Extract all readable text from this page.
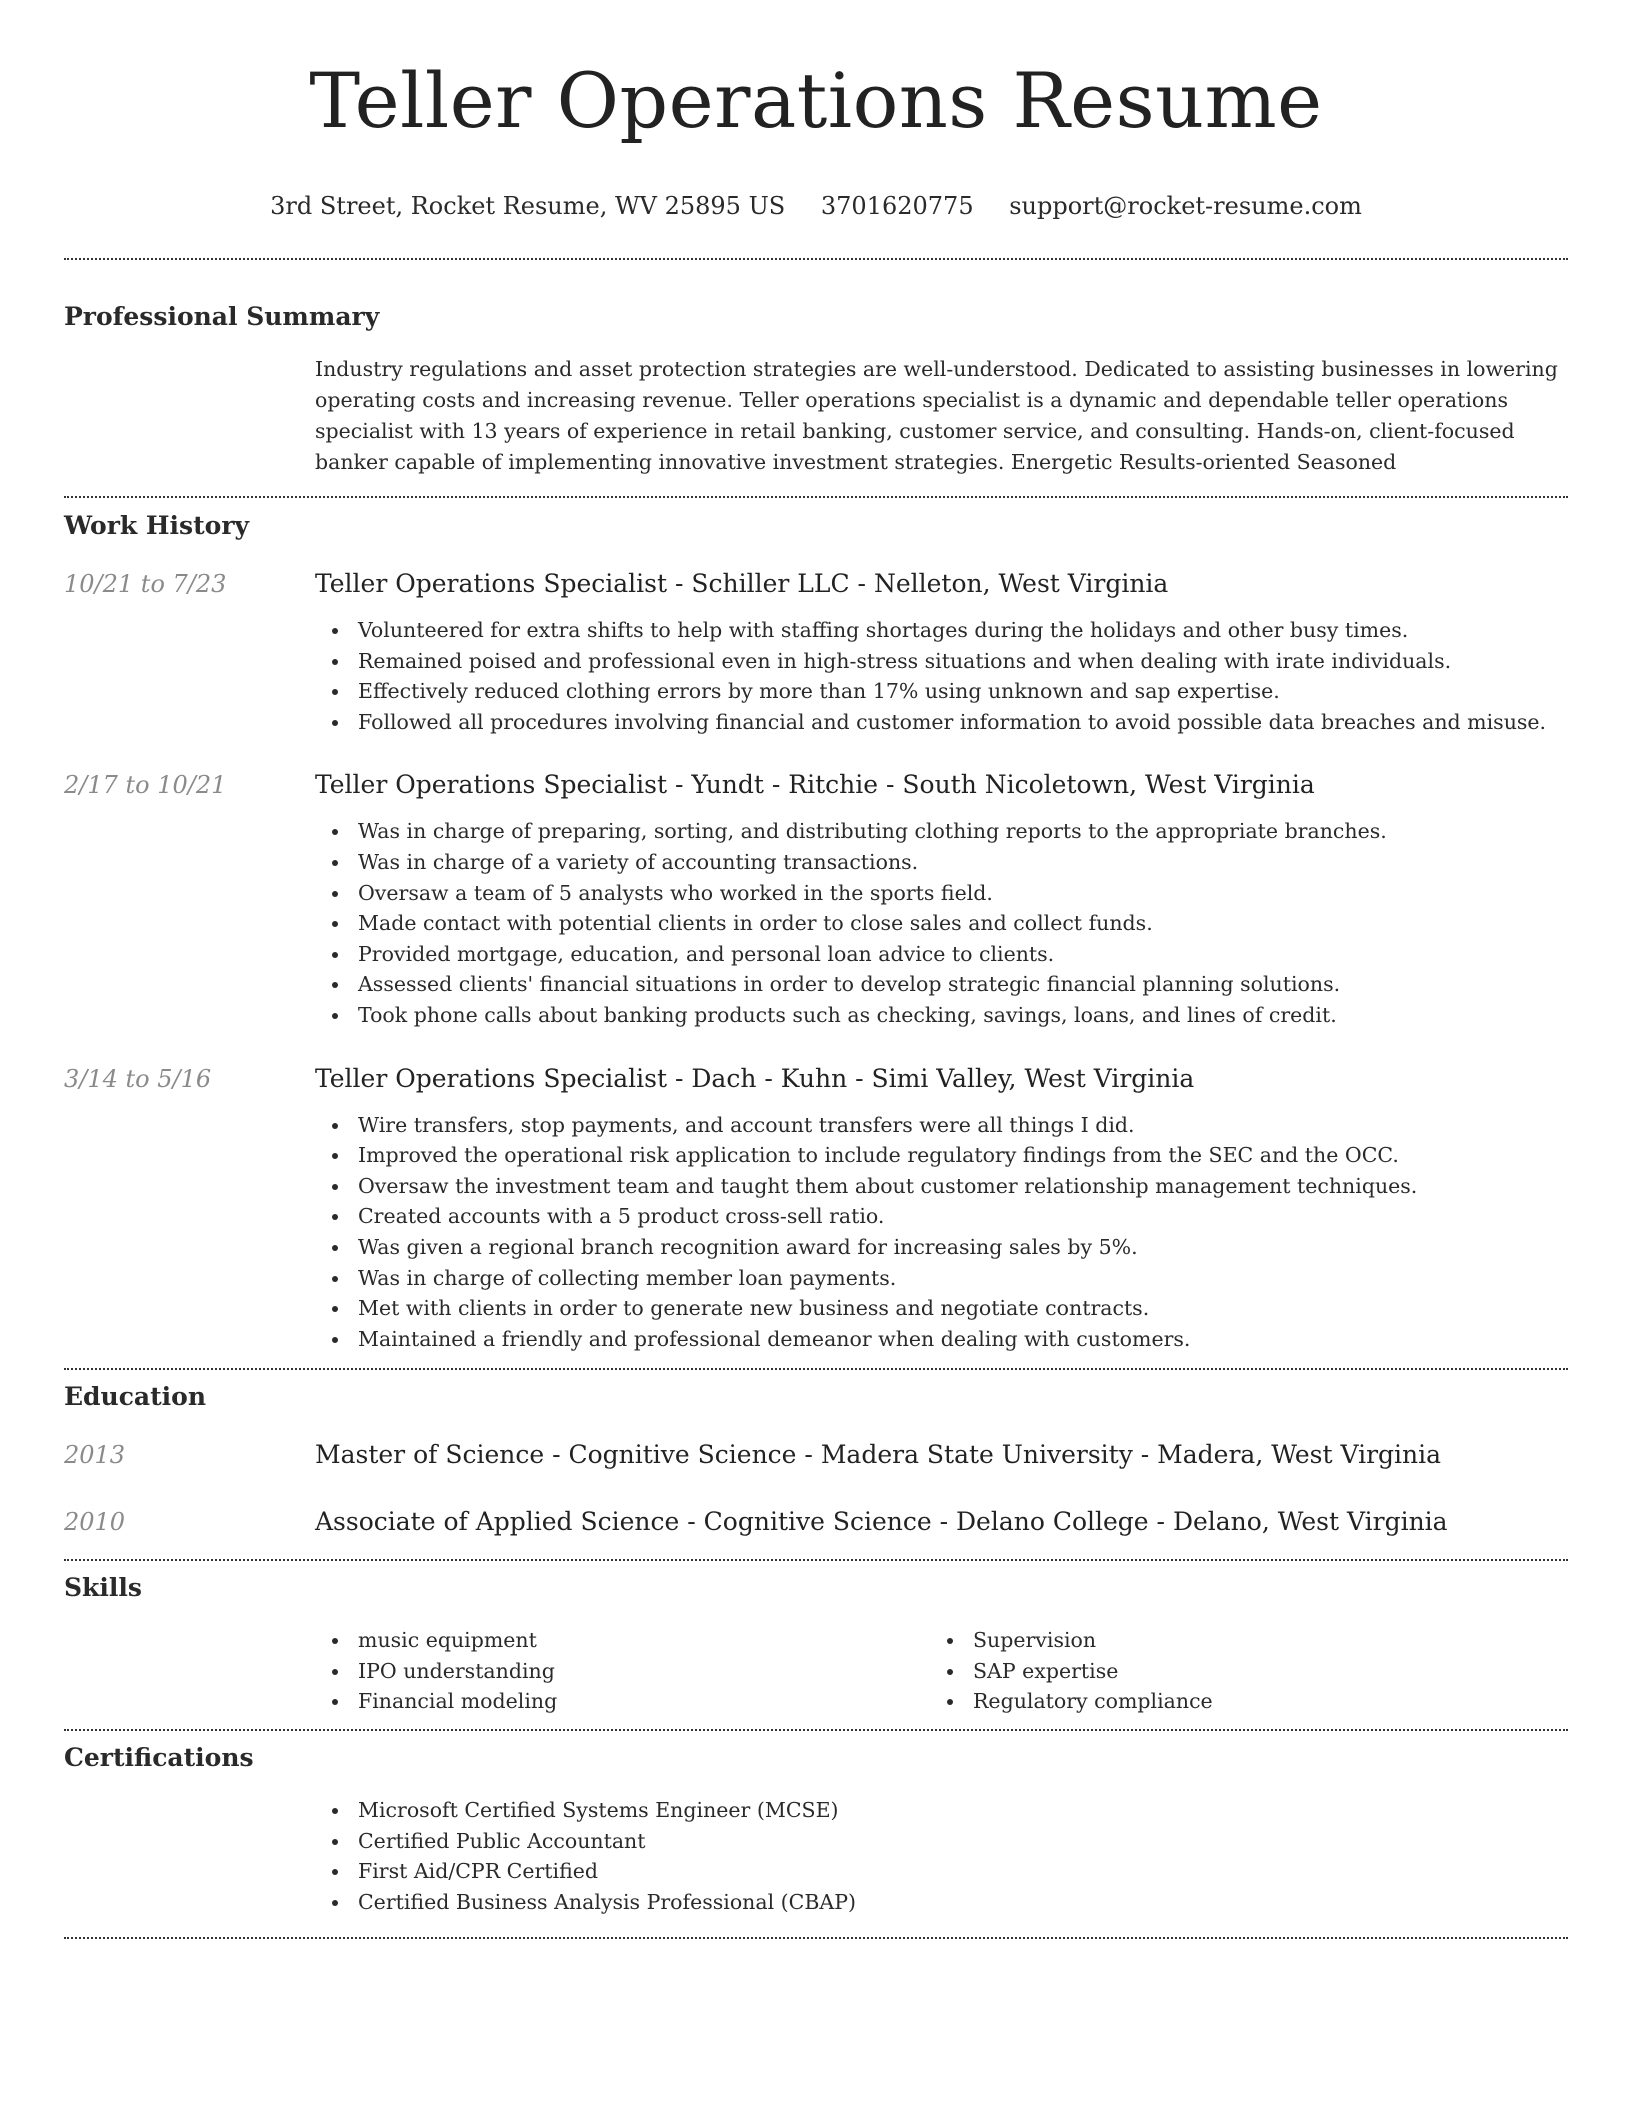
Teller Operations Resume
3rd Street, Rocket Resume, WV 25895 US 3701620775 support@rocket-resume.com
Professional Summary

Industry regulations and asset protection strategies are well-understood. Dedicated to assisting businesses in lowering operating costs and increasing revenue. Teller operations specialist is a dynamic and dependable teller operations specialist with 13 years of experience in retail banking, customer service, and consulting. Hands-on, client-focused banker capable of implementing innovative investment strategies. Energetic Results-oriented Seasoned

Work History
10/21 to 7/23	Teller Operations Specialist - Schiller LLC - Nelleton, West Virginia
Volunteered for extra shifts to help with staffing shortages during the holidays and other busy times.
Remained poised and professional even in high-stress situations and when dealing with irate individuals.
Effectively reduced clothing errors by more than 17% using unknown and sap expertise.
Followed all procedures involving financial and customer information to avoid possible data breaches and misuse.
2/17 to 10/21	Teller Operations Specialist - Yundt - Ritchie - South Nicoletown, West Virginia
Was in charge of preparing, sorting, and distributing clothing reports to the appropriate branches.
Was in charge of a variety of accounting transactions.
Oversaw a team of 5 analysts who worked in the sports field.
Made contact with potential clients in order to close sales and collect funds.
Provided mortgage, education, and personal loan advice to clients.
Assessed clients' financial situations in order to develop strategic financial planning solutions.
Took phone calls about banking products such as checking, savings, loans, and lines of credit.
3/14 to 5/16	Teller Operations Specialist - Dach - Kuhn - Simi Valley, West Virginia
Wire transfers, stop payments, and account transfers were all things I did.
Improved the operational risk application to include regulatory findings from the SEC and the OCC.
Oversaw the investment team and taught them about customer relationship management techniques.
Created accounts with a 5 product cross-sell ratio.
Was given a regional branch recognition award for increasing sales by 5%.
Was in charge of collecting member loan payments.
Met with clients in order to generate new business and negotiate contracts.
Maintained a friendly and professional demeanor when dealing with customers.
Education
2013	Master of Science - Cognitive Science - Madera State University - Madera, West Virginia
2010	Associate of Applied Science - Cognitive Science - Delano College - Delano, West Virginia
Skills
music equipment
IPO understanding
Financial modeling
Supervision
SAP expertise
Regulatory compliance
Certifications
Microsoft Certified Systems Engineer (MCSE)
Certified Public Accountant
First Aid/CPR Certified
Certified Business Analysis Professional (CBAP)
